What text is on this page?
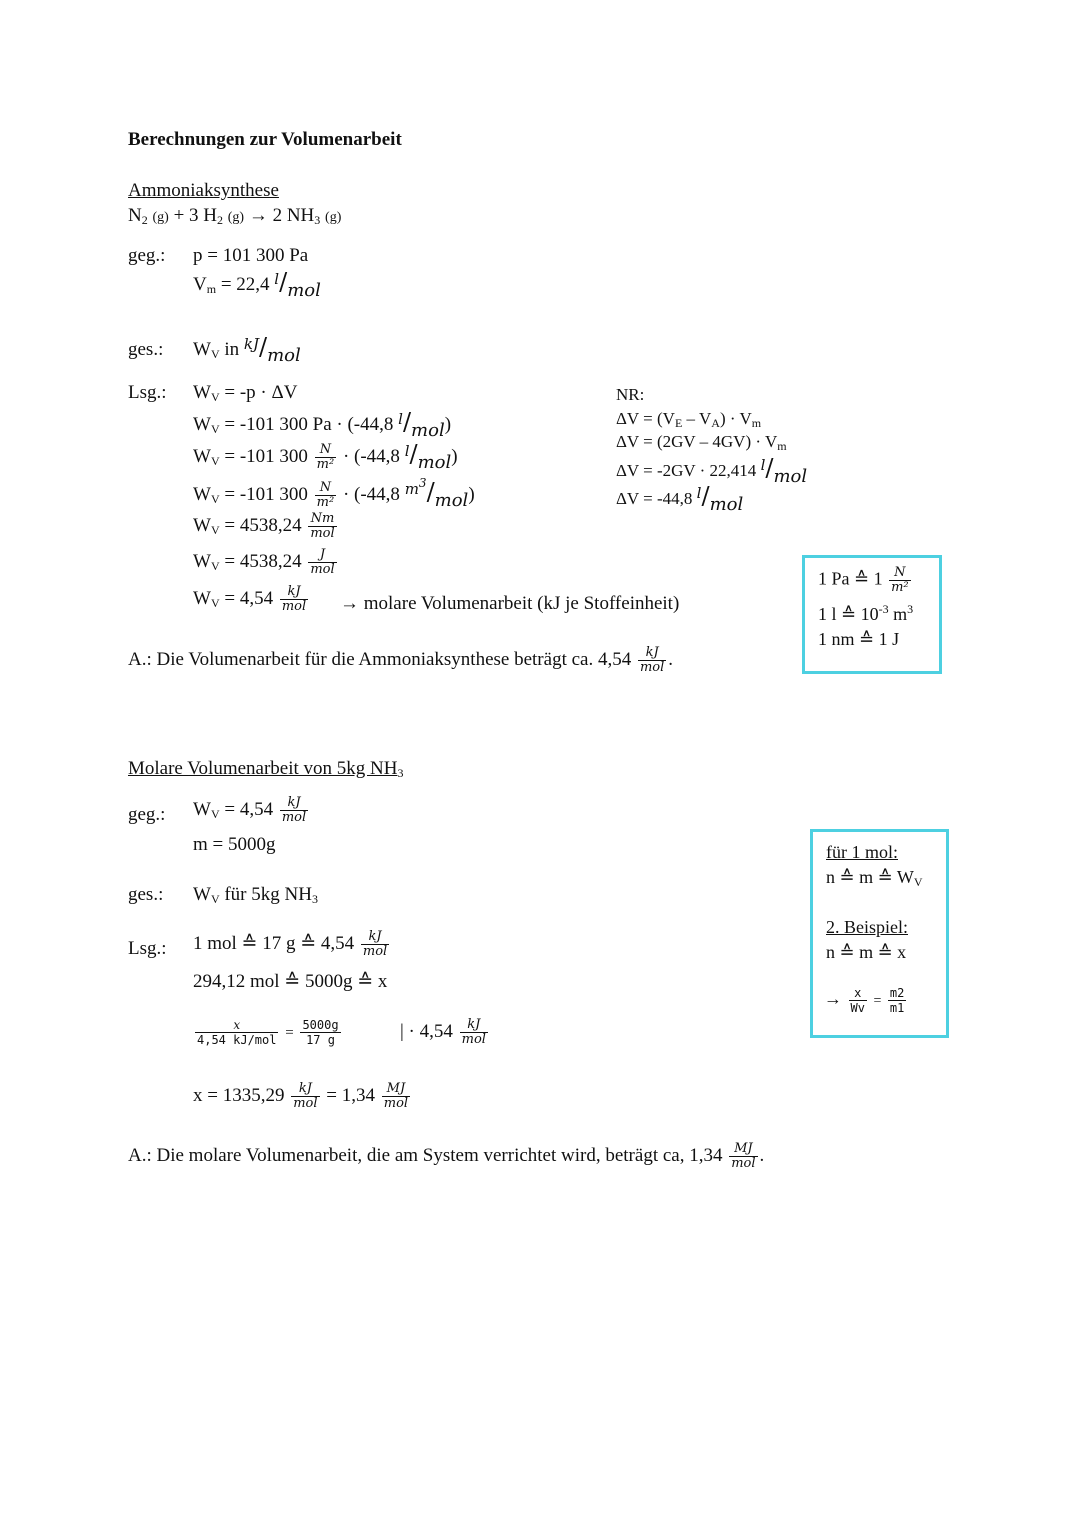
Berechnungen zur Volumenarbeit
Ammoniaksynthese
$N_2$ (g) + 3 $H_2$ (g) → 2 $NH_3$ (g)
geg.: p = 101 300 Pa
$V_m = 22,4$ $^l$/mol
ges.: $W_V$ in $^{kJ}$/mol
Lsg.: $W_V = -p \cdot \Delta V$
$W_V = -101$ 300 Pa · (-44,8 $^l$/mol)
$W_V = -101$ $300 \frac{N}{\text{m²}} \cdot (-44,8$ $^l$/mol)
$W_V = -101$ $300 \frac{N}{\text{m²}} \cdot (-44,8$ $^{m^3}$/mol)
$W_V = 4538,24 \frac{Nm}{\text{mol}}$
$W_V = 4538,24 \frac{J}{\text{mol}}$
$W_V = 4,54 \frac{kJ}{\text{mol}}$ → molare Volumenarbeit (kJ je Stoffeinheit)
NR:
$\Delta V = (V_E - V_A) \cdot V_m$
$\Delta V = (2GV - 4GV) \cdot V_m$
ΔV = -2GV · 22,414 l/mol
ΔV = -44,8 l/mol
A.: Die Volumenarbeit für die Ammoniaksynthese beträgt ca. $4,54 \frac{kJ}{\text{mol}}$ .
1 Pa ≙ $1 \frac{N}{\text{m²}}$
1 l ≙ $10^{-3}$ $m^3$
1 nm ≙ 1 J
Molare Volumenarbeit von 5kg $NH_3$
geg.: $W_V = 4,54 \frac{kJ}{\text{mol}}$
m = 5000g
ges.: $W_V$ für 5kg $NH_3$
Lsg.: 1 mol ≙ 17 g ≙ $4,54 \frac{kJ}{\text{mol}}$
294,12 mol ≙ 5000g ≙ x
$\frac{x}{\text{4,54 kJ/mol}} = \frac{5000g}{17 g}$	| · $4,54 \frac{kJ}{\text{mol}}$
$x = 1335,29 \frac{kJ}{\text{mol}} = 1,34 \frac{MJ}{\text{mol}}$
A.: Die molare Volumenarbeit, die am System verrichtet wird, beträgt ca, $1,34 \frac{MJ}{\text{mol}}$ .
für 1 mol:
n ≙ m ≙ $W_V$
2. Beispiel:
n ≙ m ≙ x
→ $\frac{x}{Wv} = \frac{m2}{m1}$
